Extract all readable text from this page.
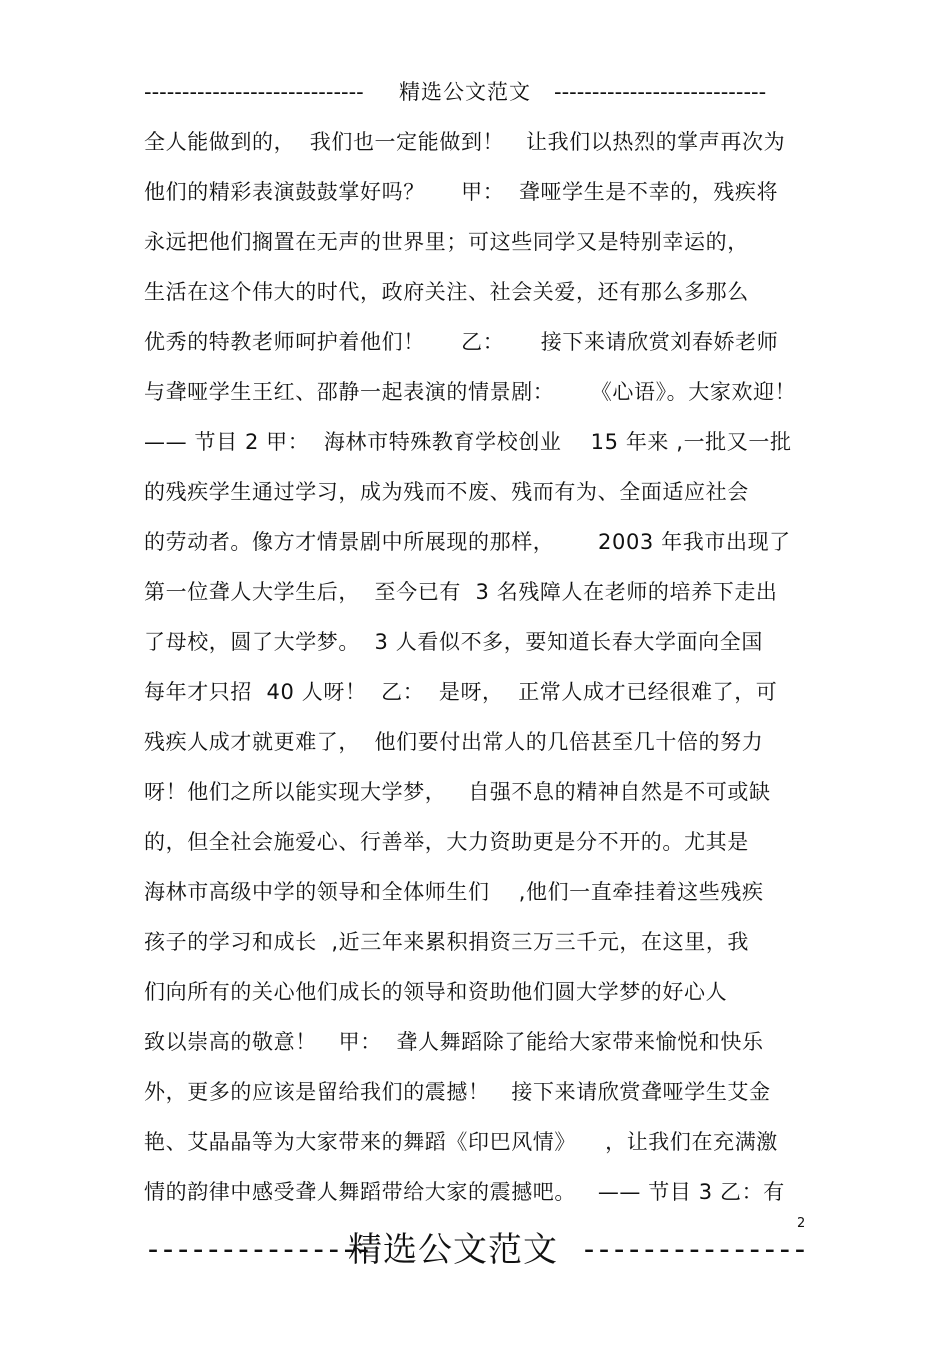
----------------------------- 精选公文范文 ----------------------------
全人能做到的，  我们也一定能做到！   让我们以热烈的掌声再次为
他们的精彩表演鼓鼓掌好吗？     甲：  聋哑学生是不幸的，残疾将
永远把他们搁置在无声的世界里；可这些同学又是特别幸运的，
生活在这个伟大的时代，政府关注、社会关爱，还有那么多那么
优秀的特教老师呵护着他们！     乙：     接下来请欣赏刘春娇老师
与聋哑学生王红、邵静一起表演的情景剧：     《心语》。大家欢迎！
—— 节目 2 甲：  海林市特殊教育学校创业    15 年来 ,一批又一批
的残疾学生通过学习，成为残而不废、残而有为、全面适应社会
的劳动者。像方才情景剧中所展现的那样，      2003 年我市出现了
第一位聋人大学生后，  至今已有  3 名残障人在老师的培养下走出
了母校，圆了大学梦。  3 人看似不多，要知道长春大学面向全国
每年才只招  40 人呀！  乙：  是呀，  正常人成才已经很难了，可
残疾人成才就更难了，  他们要付出常人的几倍甚至几十倍的努力
呀！他们之所以能实现大学梦，   自强不息的精神自然是不可或缺
的，但全社会施爱心、行善举，大力资助更是分不开的。尤其是
海林市高级中学的领导和全体师生们    ,他们一直牵挂着这些残疾
孩子的学习和成长  ,近三年来累积捐资三万三千元，在这里，我
们向所有的关心他们成长的领导和资助他们圆大学梦的好心人
致以崇高的敬意！   甲：  聋人舞蹈除了能给大家带来愉悦和快乐
外，更多的应该是留给我们的震撼！   接下来请欣赏聋哑学生艾金
艳、艾晶晶等为大家带来的舞蹈《印巴风情》    ，让我们在充满激
情的韵律中感受聋人舞蹈带给大家的震撼吧。   —— 节目 3 乙：有
2
---------------
精选公文范文 ---------------
